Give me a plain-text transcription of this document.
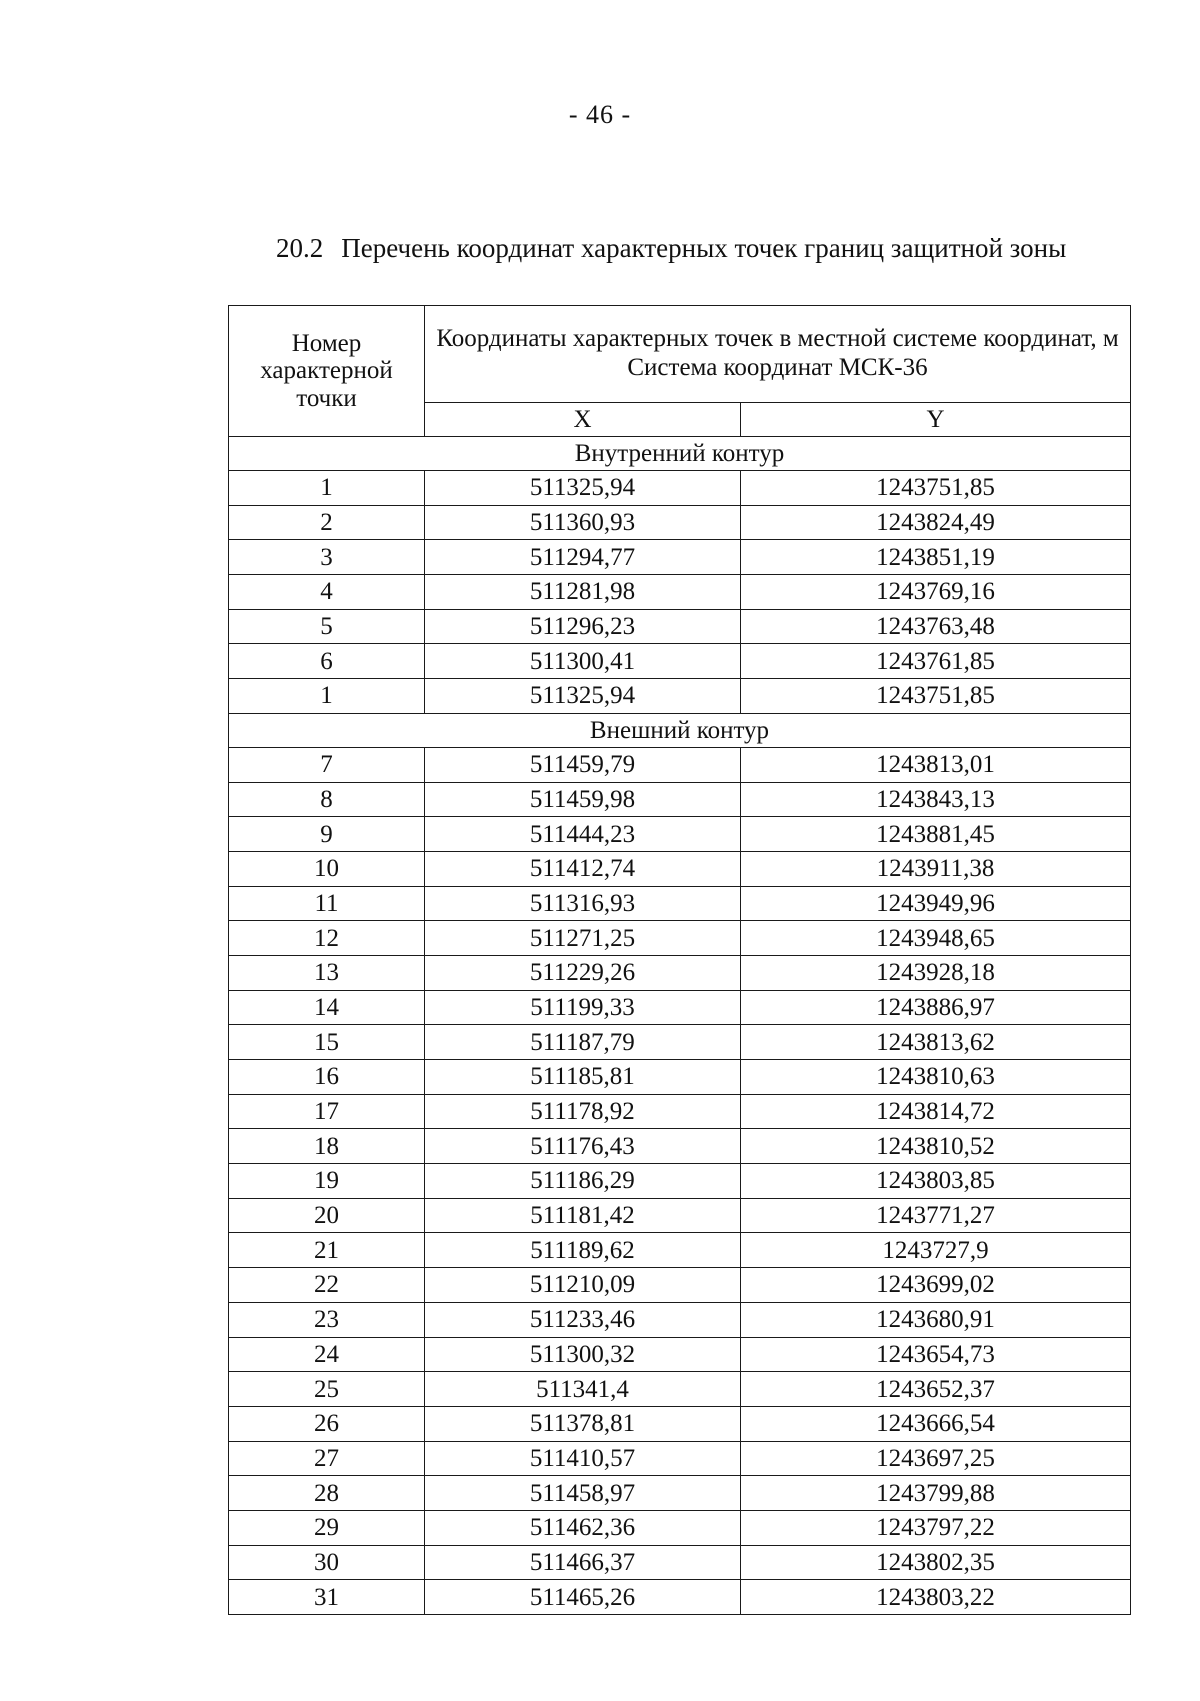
- 46 -
20.2 Перечень координат характерных точек границ защитной зоны
Номер характерной точки	Координаты характерных точек в местной системе координат, м
Система координат МСК-36	

	X	Y
Внутренний контур		
1	511325,94	1243751,85
2	511360,93	1243824,49
3	511294,77	1243851,19
4	511281,98	1243769,16
5	511296,23	1243763,48
6	511300,41	1243761,85
1	511325,94	1243751,85
Внешний контур		
7	511459,79	1243813,01
8	511459,98	1243843,13
9	511444,23	1243881,45
10	511412,74	1243911,38
11	511316,93	1243949,96
12	511271,25	1243948,65
13	511229,26	1243928,18
14	511199,33	1243886,97
15	511187,79	1243813,62
16	511185,81	1243810,63
17	511178,92	1243814,72
18	511176,43	1243810,52
19	511186,29	1243803,85
20	511181,42	1243771,27
21	511189,62	1243727,9
22	511210,09	1243699,02
23	511233,46	1243680,91
24	511300,32	1243654,73
25	511341,4	1243652,37
26	511378,81	1243666,54
27	511410,57	1243697,25
28	511458,97	1243799,88
29	511462,36	1243797,22
30	511466,37	1243802,35
31	511465,26	1243803,22
